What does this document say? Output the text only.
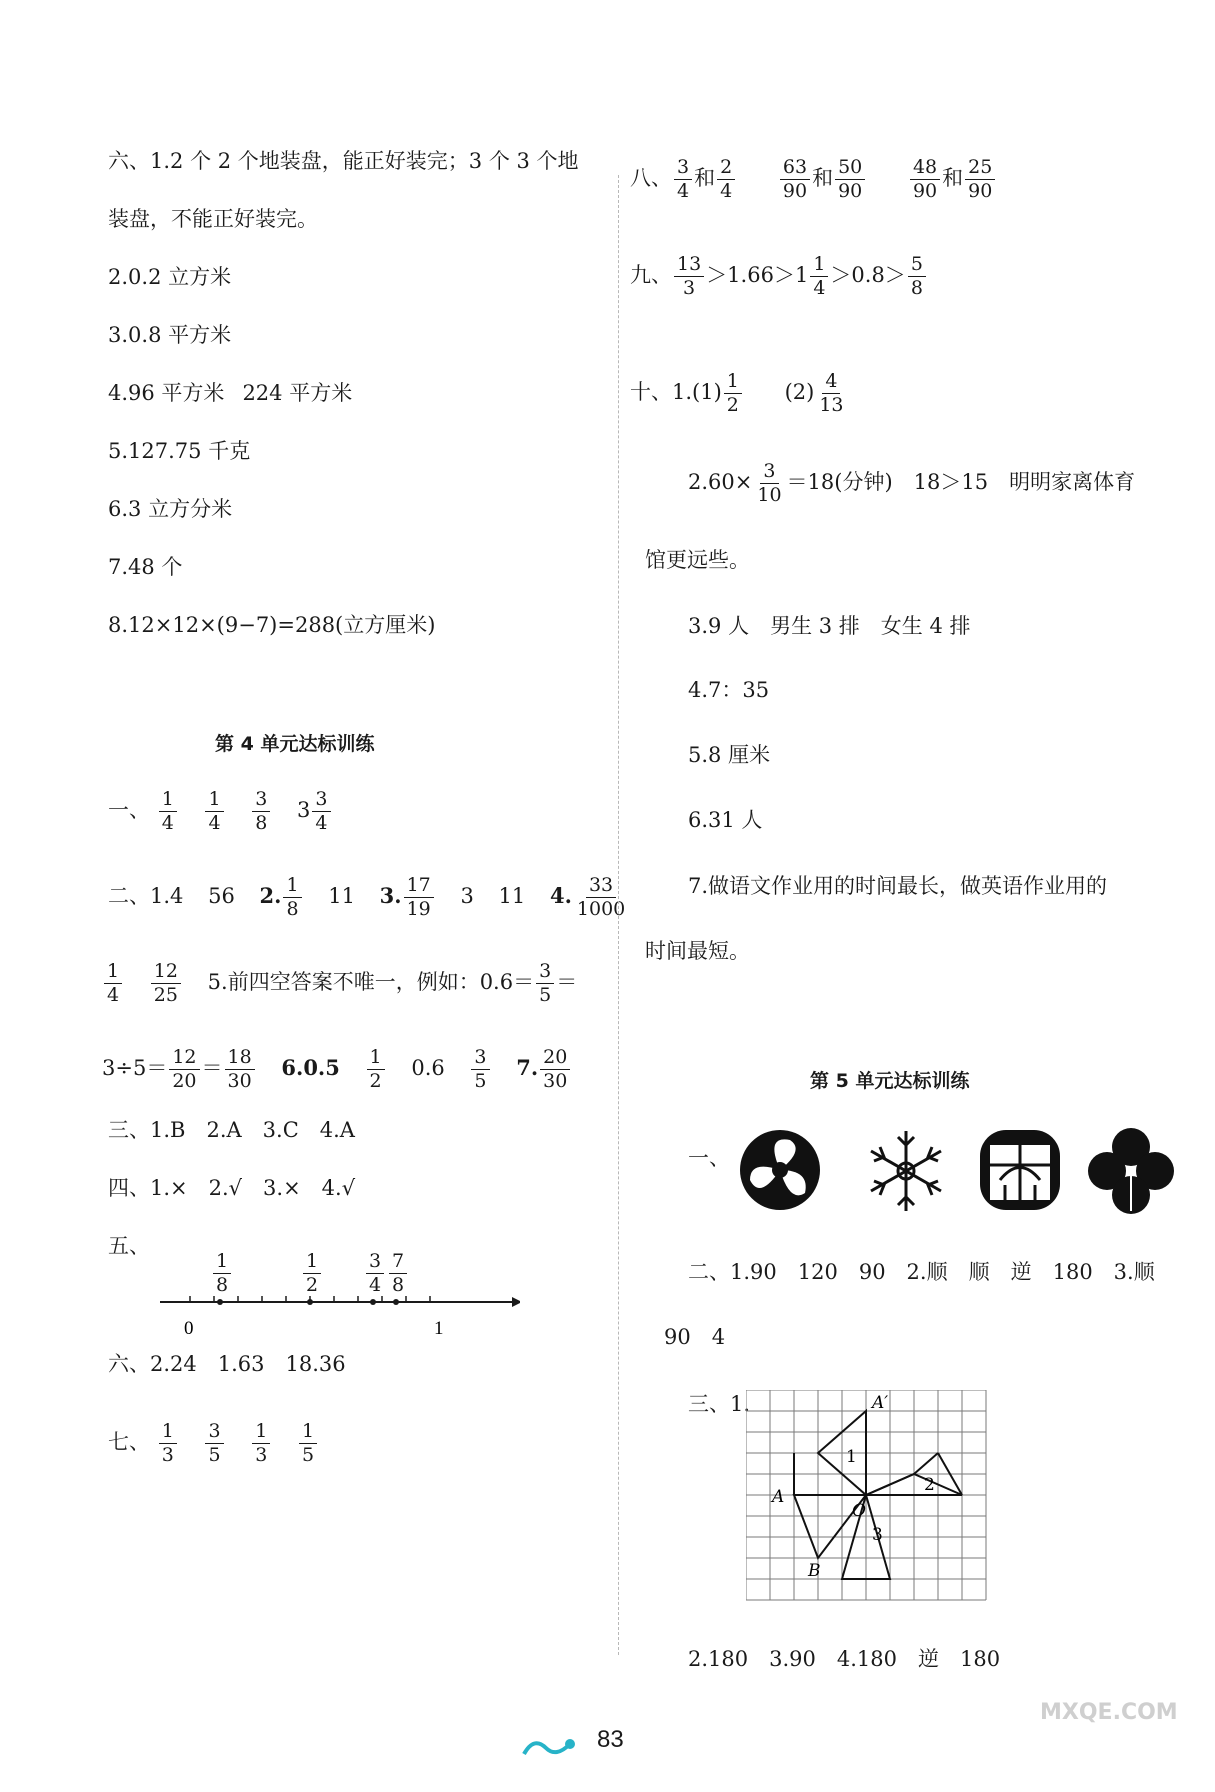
六、1.2 个 2 个地装盘，能正好装完；3 个 3 个地
装盘，不能正好装完。
2.0.2 立方米
3.0.8 平方米
4.96 平方米 224 平方米
5.127.75 千克
6.3 立方分米
7.48 个
8.12×12×(9−7)=288(立方厘米)
第 4 单元达标训练
一、 $\frac{1}{4}$
$\frac{1}{4}$
$\frac{3}{8} 3 \frac{3}{4}$
二、1.4 56 2. $\frac{1}{8} 11$ 3. $\frac{17}{19} 3$ 11 4. $\frac{33}{1000}$
$\frac{1}{4}$
$\frac{12}{25} 5$.前四空答案不唯一，例如：$0.6= \frac{3}{5}$ ＝
$3\div 5= \frac{12}{20} = \frac{18}{30} 6.0.5 \frac{1}{2} 0.6 \frac{3}{5} 7$. $\frac{20}{30}$
三、1.B　2.A　3.C　4.A
四、1.×　2.√　3.×　4.√
五、
0	1
$\frac{1}{8}$	$\frac{1}{2} \frac{3}{4} \frac{7}{8}$
六、2.24　1.63　18.36
七、 $\frac{1}{3}$
$\frac{3}{5}$
$\frac{1}{3}$
$\frac{1}{5}$
八、 $\frac{3}{4}$ 和 $\frac{2}{4}$
$\frac{63}{90}$ 和 $\frac{50}{90}$
$\frac{48}{90}$ 和 $\frac{25}{90}$
九、 $\frac{13}{3} >1.66>1 \frac{1}{4} >0.8> \frac{5}{8}$
十、$1.(1) \frac{1}{2} (2) \frac{4}{13}$
$2.60\times \frac{3}{10} =18$(分钟)　18＞15　明明家离体育
馆更远些。
3.9 人　男生 3 排　女生 4 排
4.7：35
5.8 厘米
6.31 人
7.做语文作业用的时间最长，做英语作业用的
时间最短。
第 5 单元达标训练
一、
二、1.90　120　90　2.顺　顺　逆　180　3.顺
90　4
三、1.	A′
A
B
O
1
2
3
2.180　3.90　4.180　逆　180
83
MXQE.COM
